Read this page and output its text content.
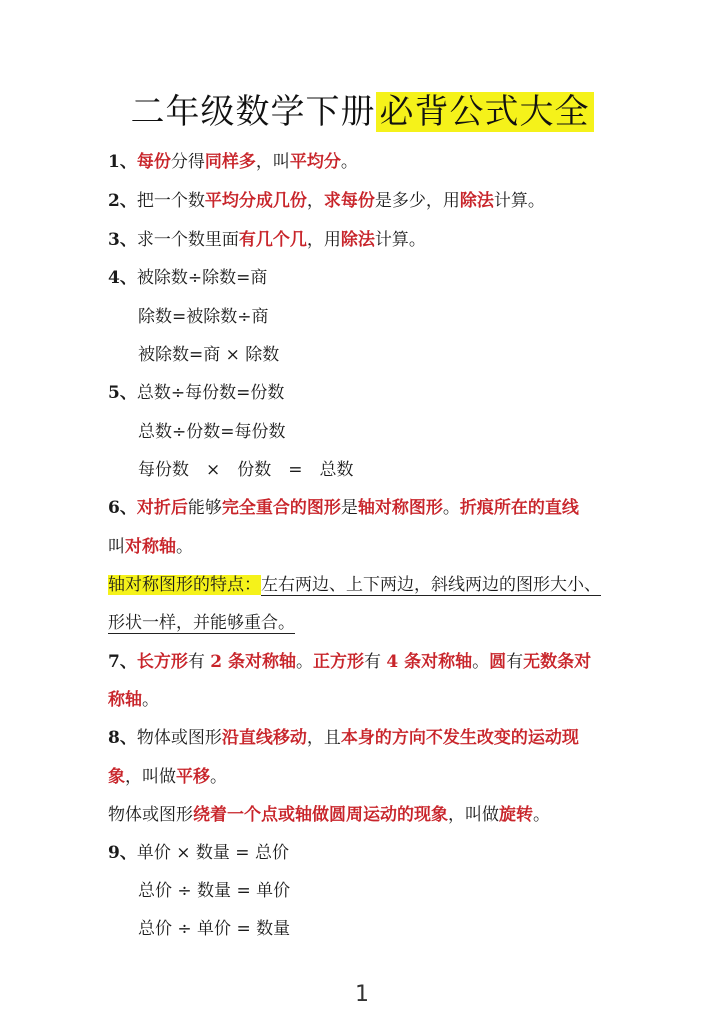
二年级数学下册 必背公式大全
1、每份分得同样多，叫平均分。
2、把一个数平均分成几份，求每份是多少，用除法计算。
3、求一个数里面有几个几，用除法计算。
4、被除数÷除数=商
除数=被除数÷商
被除数=商 × 除数
5、总数÷每份数=份数
总数÷份数=每份数
每份数　×　份数　=　总数
6、对折后能够完全重合的图形是轴对称图形。折痕所在的直线
叫对称轴。
轴对称图形的特点：左右两边、上下两边，斜线两边的图形大小、
形状一样，并能够重合。
7、长方形有 2 条对称轴。正方形有 4 条对称轴。圆有无数条对
称轴。
8、物体或图形沿直线移动，且本身的方向不发生改变的运动现
象，叫做平移。
物体或图形绕着一个点或轴做圆周运动的现象，叫做旋转。
9、单价 × 数量 = 总价
总价 ÷ 数量 = 单价
总价 ÷ 单价 = 数量
1
